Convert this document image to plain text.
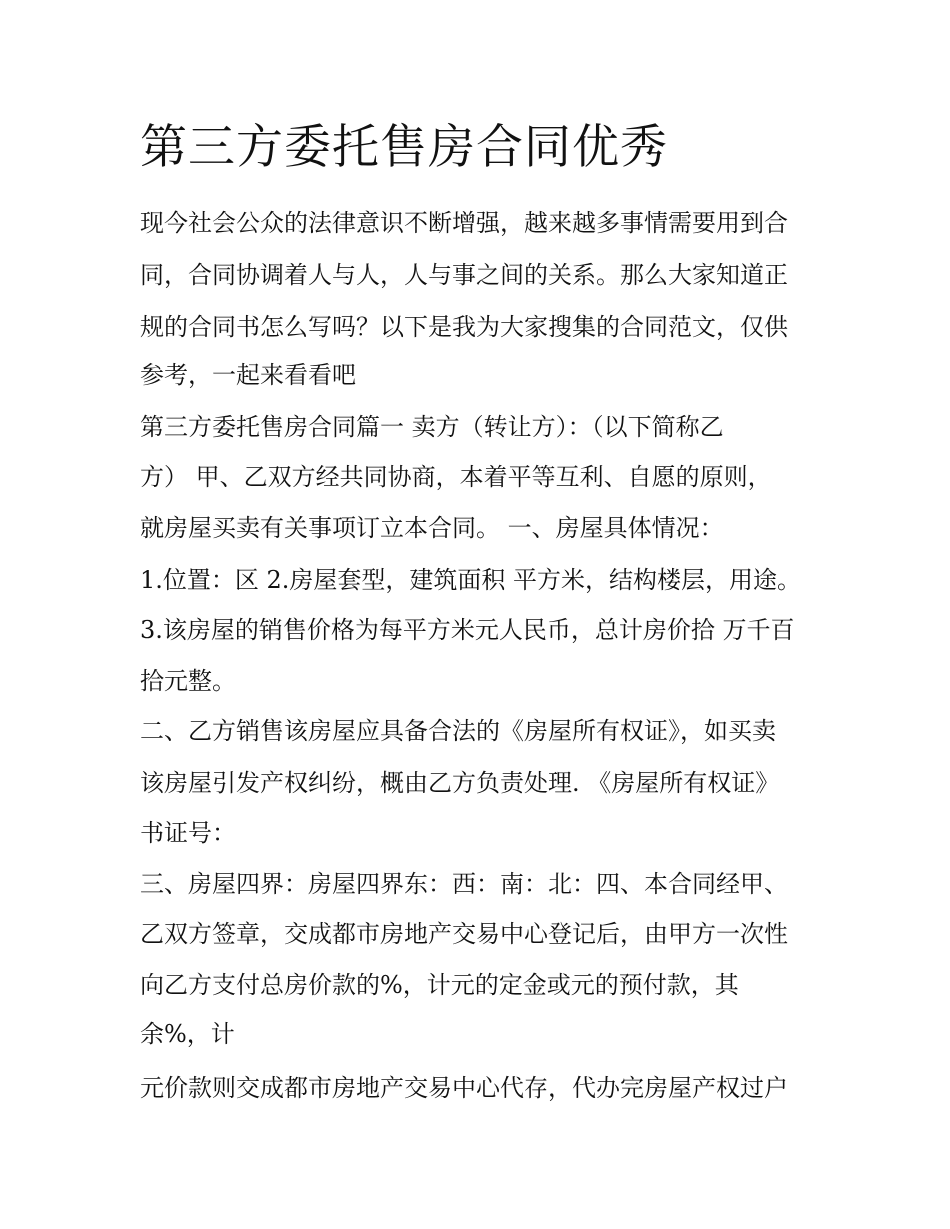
第三方委托售房合同优秀

现今社会公众的法律意识不断增强，越来越多事情需要用到合

同，合同协调着人与人，人与事之间的关系。那么大家知道正

规的合同书怎么写吗？以下是我为大家搜集的合同范文，仅供

参考，一起来看看吧

第三方委托售房合同篇一 卖方（转让方）：（以下简称乙

方） 甲、乙双方经共同协商，本着平等互利、自愿的原则，

就房屋买卖有关事项订立本合同。 一、房屋具体情况：

1.位置：区 2.房屋套型，建筑面积 平方米，结构楼层，用途。

3.该房屋的销售价格为每平方米元人民币，总计房价拾 万千百

拾元整。

二、乙方销售该房屋应具备合法的《房屋所有权证》，如买卖

该房屋引发产权纠纷，概由乙方负责处理. 《房屋所有权证》

书证号：

三、房屋四界：房屋四界东：西：南：北：四、本合同经甲、

乙双方签章，交成都市房地产交易中心登记后，由甲方一次性

向乙方支付总房价款的%，计元的定金或元的预付款，其

余%，计

元价款则交成都市房地产交易中心代存，代办完房屋产权过户
